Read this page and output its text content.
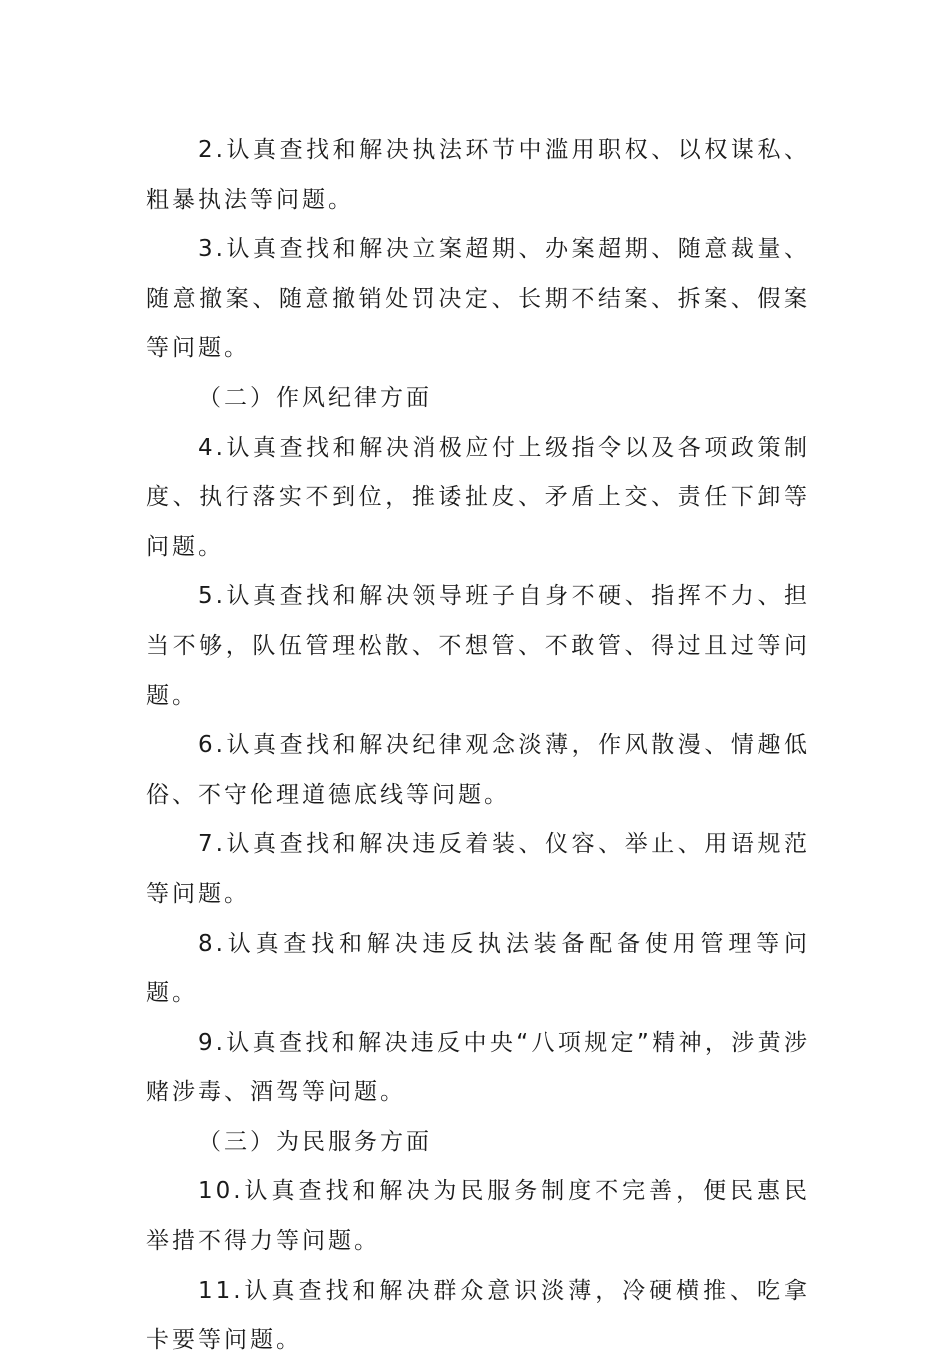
2.认真查找和解决执法环节中滥用职权、以权谋私、粗暴执法等问题。

3.认真查找和解决立案超期、办案超期、随意裁量、随意撤案、随意撤销处罚决定、长期不结案、拆案、假案等问题。

（二）作风纪律方面

4.认真查找和解决消极应付上级指令以及各项政策制度、执行落实不到位，推诿扯皮、矛盾上交、责任下卸等问题。

5.认真查找和解决领导班子自身不硬、指挥不力、担当不够，队伍管理松散、不想管、不敢管、得过且过等问题。

6.认真查找和解决纪律观念淡薄，作风散漫、情趣低俗、不守伦理道德底线等问题。

7.认真查找和解决违反着装、仪容、举止、用语规范等问题。

8.认真查找和解决违反执法装备配备使用管理等问题。

9.认真查找和解决违反中央“八项规定”精神，涉黄涉赌涉毒、酒驾等问题。

（三）为民服务方面

10.认真查找和解决为民服务制度不完善，便民惠民举措不得力等问题。

11.认真查找和解决群众意识淡薄，冷硬横推、吃拿卡要等问题。
